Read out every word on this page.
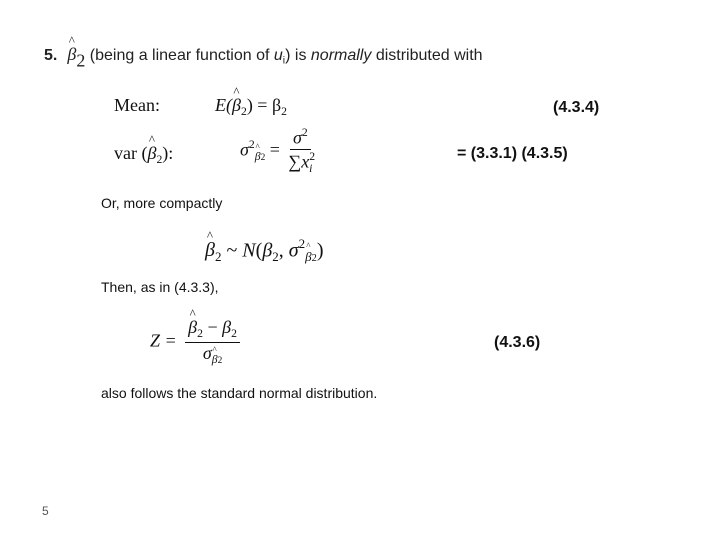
5.
^
β2 (being a linear function of $u_i$) is normally distributed with
Mean:	E(
^
$\beta_2) = \beta_2$	(4.3.4)
var (
^
$\beta_2$):	$\sigma^2$ $_{\^{} \beta 2} = \frac{\sigma^2}{\sum x^2_i}$	= (3.3.1) (4.3.5)
Or, more compactly
^
$\beta_2$ ~ $N(\beta_2$, $\sigma^2$ $_{\^{} \beta 2}$)
Then, as in (4.3.3),
Z = ^
$\beta_2 - \beta_2$
σ $_{\^{} \beta 2}$	(4.3.6)
also follows the standard normal distribution.
5
